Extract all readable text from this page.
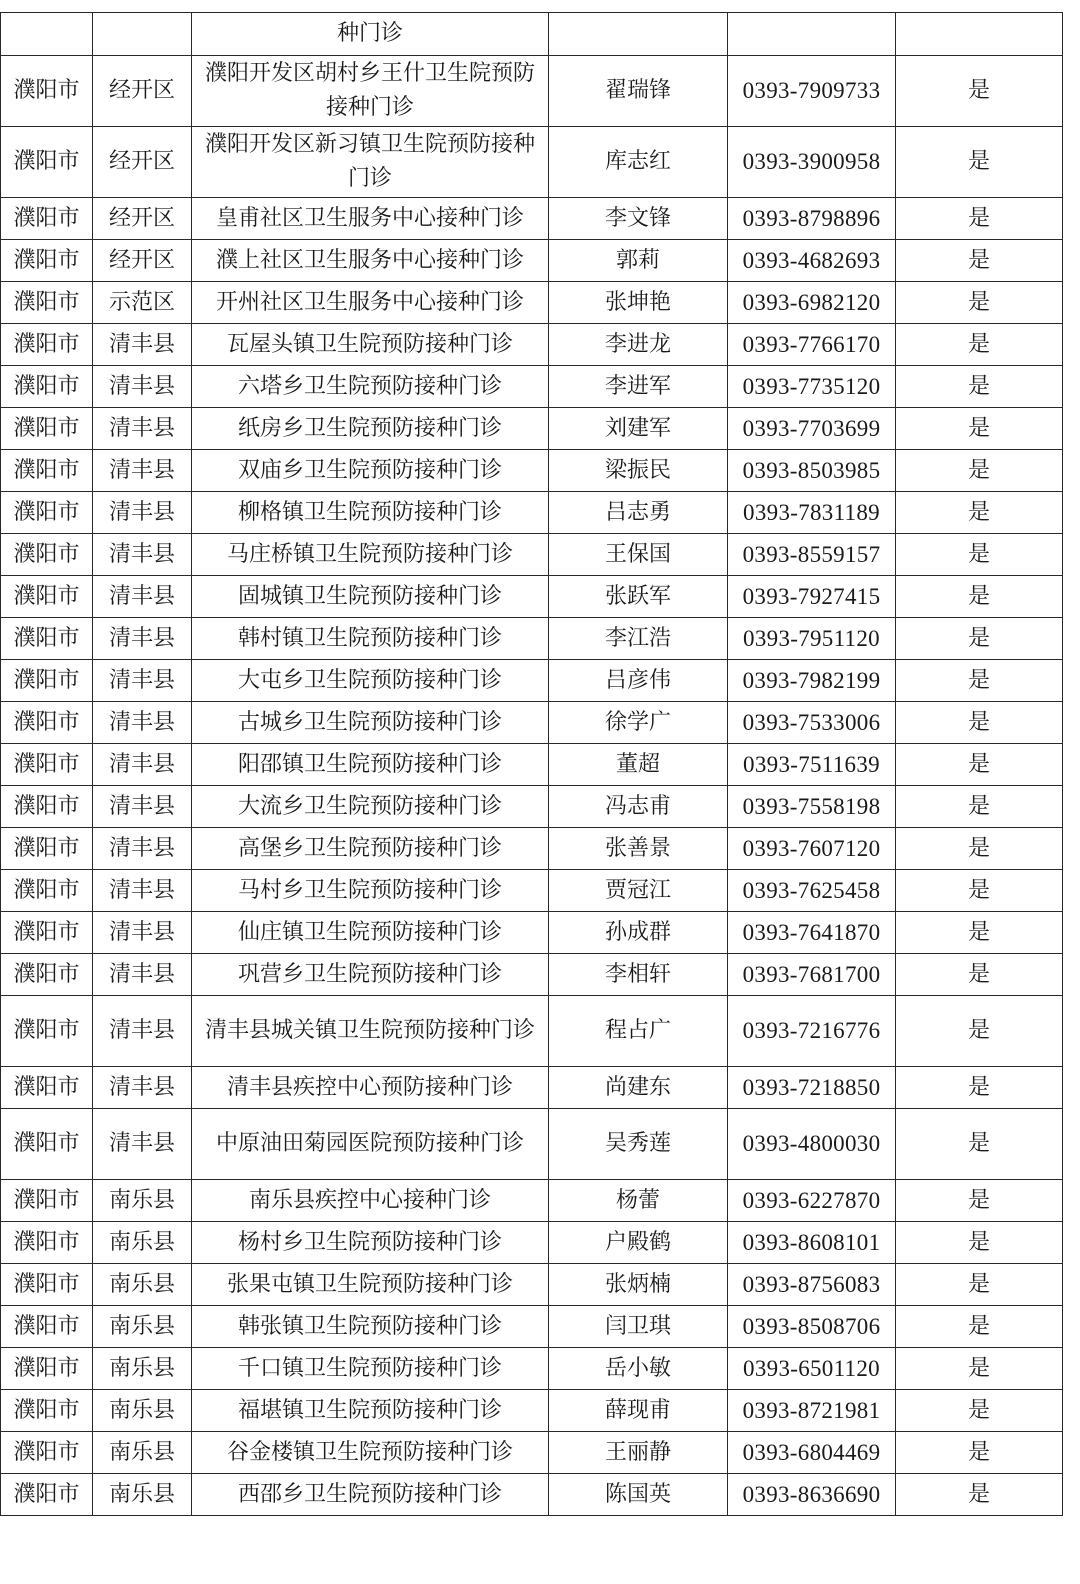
		种门诊			
濮阳市	经开区	濮阳开发区胡村乡王什卫生院预防接种门诊	翟瑞锋	0393-7909733	是
濮阳市	经开区	濮阳开发区新习镇卫生院预防接种门诊	库志红	0393-3900958	是
濮阳市	经开区	皇甫社区卫生服务中心接种门诊	李文锋	0393-8798896	是
濮阳市	经开区	濮上社区卫生服务中心接种门诊	郭莉	0393-4682693	是
濮阳市	示范区	开州社区卫生服务中心接种门诊	张坤艳	0393-6982120	是
濮阳市	清丰县	瓦屋头镇卫生院预防接种门诊	李进龙	0393-7766170	是
濮阳市	清丰县	六塔乡卫生院预防接种门诊	李进军	0393-7735120	是
濮阳市	清丰县	纸房乡卫生院预防接种门诊	刘建军	0393-7703699	是
濮阳市	清丰县	双庙乡卫生院预防接种门诊	梁振民	0393-8503985	是
濮阳市	清丰县	柳格镇卫生院预防接种门诊	吕志勇	0393-7831189	是
濮阳市	清丰县	马庄桥镇卫生院预防接种门诊	王保国	0393-8559157	是
濮阳市	清丰县	固城镇卫生院预防接种门诊	张跃军	0393-7927415	是
濮阳市	清丰县	韩村镇卫生院预防接种门诊	李江浩	0393-7951120	是
濮阳市	清丰县	大屯乡卫生院预防接种门诊	吕彦伟	0393-7982199	是
濮阳市	清丰县	古城乡卫生院预防接种门诊	徐学广	0393-7533006	是
濮阳市	清丰县	阳邵镇卫生院预防接种门诊	董超	0393-7511639	是
濮阳市	清丰县	大流乡卫生院预防接种门诊	冯志甫	0393-7558198	是
濮阳市	清丰县	高堡乡卫生院预防接种门诊	张善景	0393-7607120	是
濮阳市	清丰县	马村乡卫生院预防接种门诊	贾冠江	0393-7625458	是
濮阳市	清丰县	仙庄镇卫生院预防接种门诊	孙成群	0393-7641870	是
濮阳市	清丰县	巩营乡卫生院预防接种门诊	李相轩	0393-7681700	是
濮阳市	清丰县	清丰县城关镇卫生院预防接种门诊	程占广	0393-7216776	是
濮阳市	清丰县	清丰县疾控中心预防接种门诊	尚建东	0393-7218850	是
濮阳市	清丰县	中原油田菊园医院预防接种门诊	吴秀莲	0393-4800030	是
濮阳市	南乐县	南乐县疾控中心接种门诊	杨蕾	0393-6227870	是
濮阳市	南乐县	杨村乡卫生院预防接种门诊	户殿鹤	0393-8608101	是
濮阳市	南乐县	张果屯镇卫生院预防接种门诊	张炳楠	0393-8756083	是
濮阳市	南乐县	韩张镇卫生院预防接种门诊	闫卫琪	0393-8508706	是
濮阳市	南乐县	千口镇卫生院预防接种门诊	岳小敏	0393-6501120	是
濮阳市	南乐县	福堪镇卫生院预防接种门诊	薛现甫	0393-8721981	是
濮阳市	南乐县	谷金楼镇卫生院预防接种门诊	王丽静	0393-6804469	是
濮阳市	南乐县	西邵乡卫生院预防接种门诊	陈国英	0393-8636690	是
